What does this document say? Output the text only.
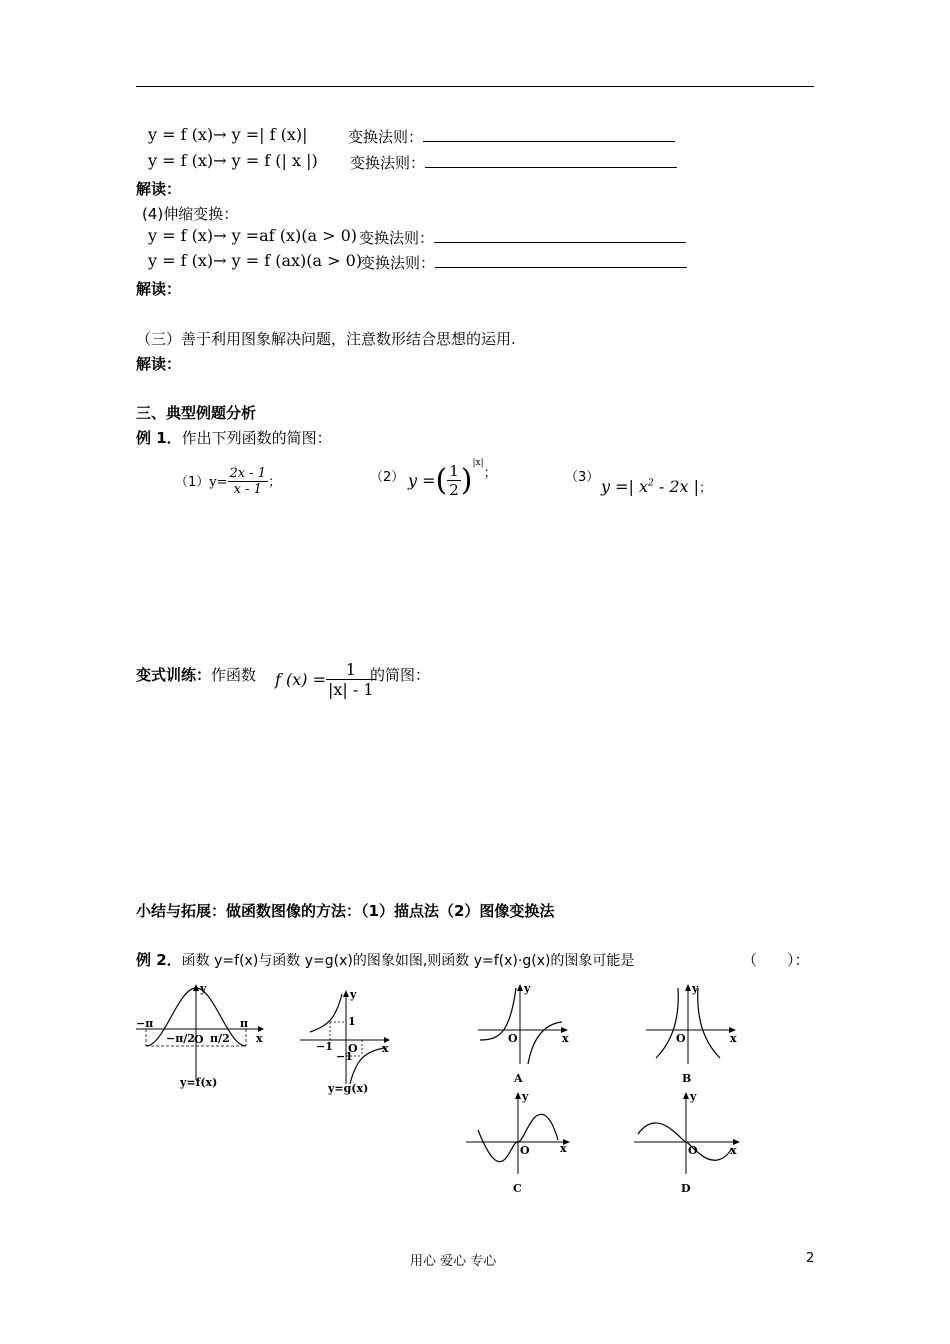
y = f (x)→ y =| f (x)|	变换法则：
y = f (x)→ y = f (| x |) 变换法则：
解读：
(4)伸缩变换：
y = f (x)→ y =af (x)(a > 0) 变换法则：
y = f (x)→ y = f (ax)(a > 0)
变换法则：
解读：
（三）善于利用图象解决问题，注意数形结合思想的运用.
解读：
三、典型例题分析
例 1．作出下列函数的简图：
$(1)y= \frac{2x - 1}{x - 1}$ ；	$^{(2)}$ y =( $\frac{1}{2} )^{|x|;}$	（3） y =| $x^2 - 2x$ |；
变式训练：作函数 f $(x) = \frac{1}{|x| - 1}$
的简图：
小结与拓展：做函数图像的方法：（1）描点法（2）图像变换法
例 2．函数 y=f(x)与函数 y=g(x)的图象如图,则函数 y=f(x)·g(x)的图象可能是	（　　）：
y
x
O
−π	π
−π/2 π/2
y=f(x)
y
x
O
1
−1
−1
y=g(x)
y
x
O
A
y
x
O
B
y
x
O
C
y
x
O
D
用心 爱心 专心	2
